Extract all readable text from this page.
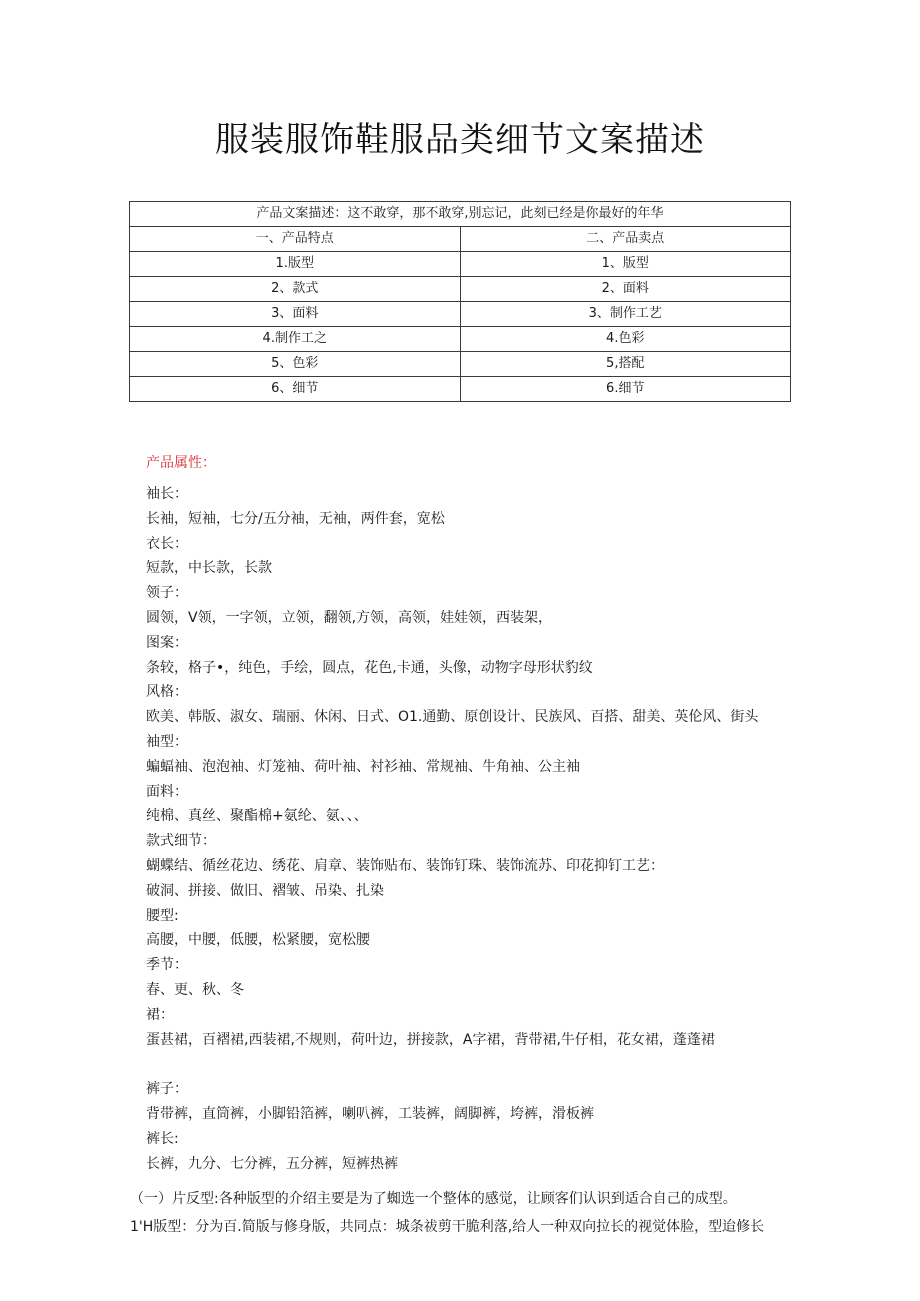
服装服饰鞋服品类细节文案描述
产品文案描述：这不敢穿，那不敢穿,别忘记，此刻已经是你最好的年华	
一、产品特点	二、产品卖点
1.版型	1、版型
2、款式	2、面料
3、面料	3、制作工艺
4.制作工之	4.色彩
5、色彩	5,搭配
6、细节	6.细节
产品属性：
袖长：
长袖，短袖，七分/五分袖，无袖，两件套，宽松
衣长：
短款，中长款，长款
领子：
圆领，V领，一字领，立领，翻领,方领，高领，娃娃领，西装架，
图案：
条较，格子•，纯色，手绘，圆点，花色,卡通，头像，动物字母形状豹纹
风格：
欧美、韩版、淑女、瑞丽、休闲、日式、O1.通勤、原创设计、民族风、百搭、甜美、英伦风、街头
袖型：
蝙蝠袖、泡泡袖、灯笼袖、荷叶袖、衬衫袖、常规袖、牛角袖、公主袖
面料：
纯棉、真丝、聚酯棉+氨纶、氨、、、
款式细节：
蝴蝶结、循丝花边、绣花、肩章、装饰贴布、装饰钉珠、装饰流苏、印花抑钉工艺：
破洞、拼接、做旧、褶皱、吊染、扎染
腰型:
高腰，中腰，低腰，松紧腰，宽松腰
季节：
春、更、秋、冬
裙：
蛋甚裙，百褶裙,西装裙,不规则，荷叶边，拼接款，A字裙，背带裙,牛仔相，花女裙，蓬蓬裙
裤子：
背带裤，直筒裤，小脚铅箔裤，喇叭裤，工装裤，阔脚裤，垮裤，滑板裤
裤长:
长裤，九分、七分裤，五分裤，短裤热裤
（一）片反型:各种版型的介绍主要是为了蜘选一个整体的感觉，让顾客们认识到适合自己的成型。
1'H版型：分为百.简版与修身版，共同点：城条祓剪干脆利落,给人一种双向拉长的视觉体脸，型迨修长
